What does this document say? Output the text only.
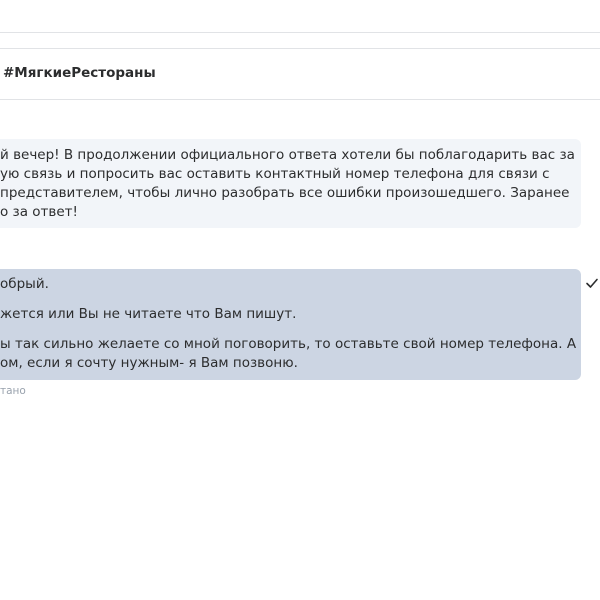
#МягкиеРестораны
й вечер! В продолжении официального ответа хотели бы поблагодарить вас за
ую связь и попросить вас оставить контактный номер телефона для связи с
представителем, чтобы лично разобрать все ошибки произошедшего. Заранее
о за ответ!
обрый.
жется или Вы не читаете что Вам пишут.
ы так сильно желаете со мной поговорить, то оставьте свой номер телефона. А
ом, если я сочту нужным- я Вам позвоню.
тано
